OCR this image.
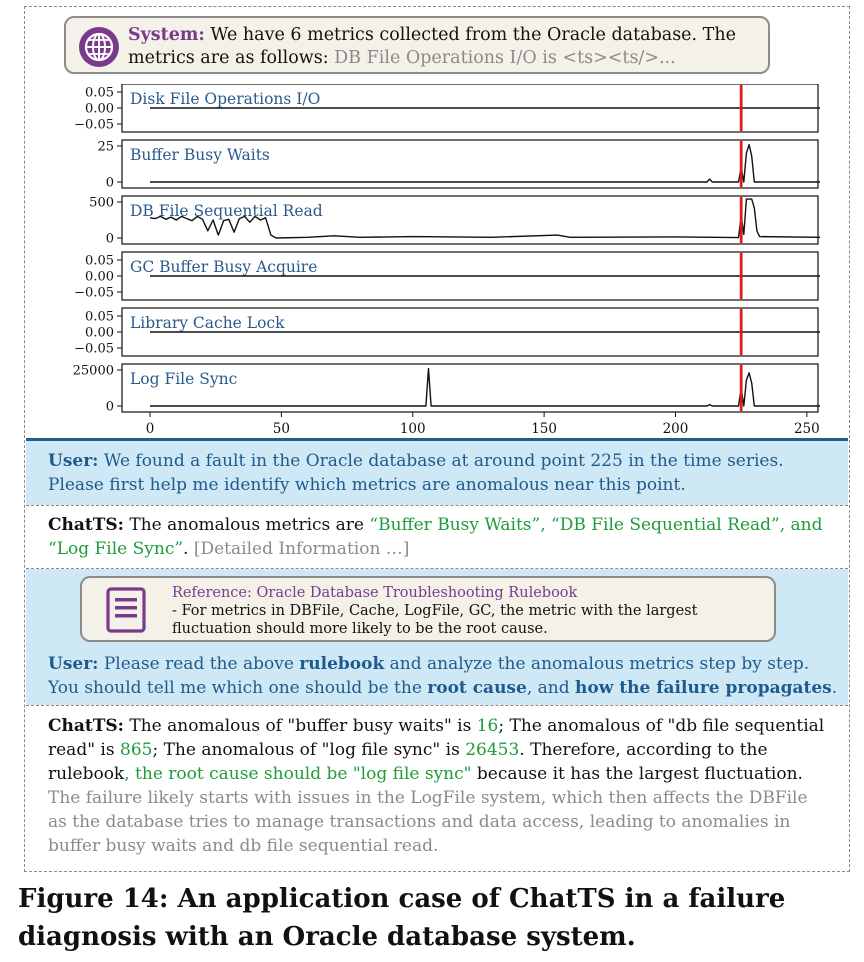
System: We have 6 metrics collected from the Oracle database. The metrics are as follows: DB File Operations I/O is <ts><ts/>...
0.05
0.00
−0.05
Disk File Operations I/O
25
0
Buffer Busy Waits
500
0
DB File Sequential Read
0.05
0.00
−0.05
GC Buffer Busy Acquire
0.05
0.00
−0.05
Library Cache Lock
25000
0
Log File Sync
0	50	100	150	200	250
User: We found a fault in the Oracle database at around point 225 in the time series. Please first help me identify which metrics are anomalous near this point.
ChatTS: The anomalous metrics are “Buffer Busy Waits”, “DB File Sequential Read”, and “Log File Sync”. [Detailed Information …]
Reference: Oracle Database Troubleshooting Rulebook
- For metrics in DBFile, Cache, LogFile, GC, the metric with the largest fluctuation should more likely to be the root cause.
User: Please read the above rulebook and analyze the anomalous metrics step by step. You should tell me which one should be the root cause, and how the failure propagates.
ChatTS: The anomalous of "buffer busy waits" is 16; The anomalous of "db file sequential read" is 865; The anomalous of "log file sync" is 26453. Therefore, according to the rulebook, the root cause should be "log file sync" because it has the largest fluctuation. The failure likely starts with issues in the LogFile system, which then affects the DBFile as the database tries to manage transactions and data access, leading to anomalies in buffer busy waits and db file sequential read.
Figure 14: An application case of ChatTS in a failure diagnosis with an Oracle database system.
